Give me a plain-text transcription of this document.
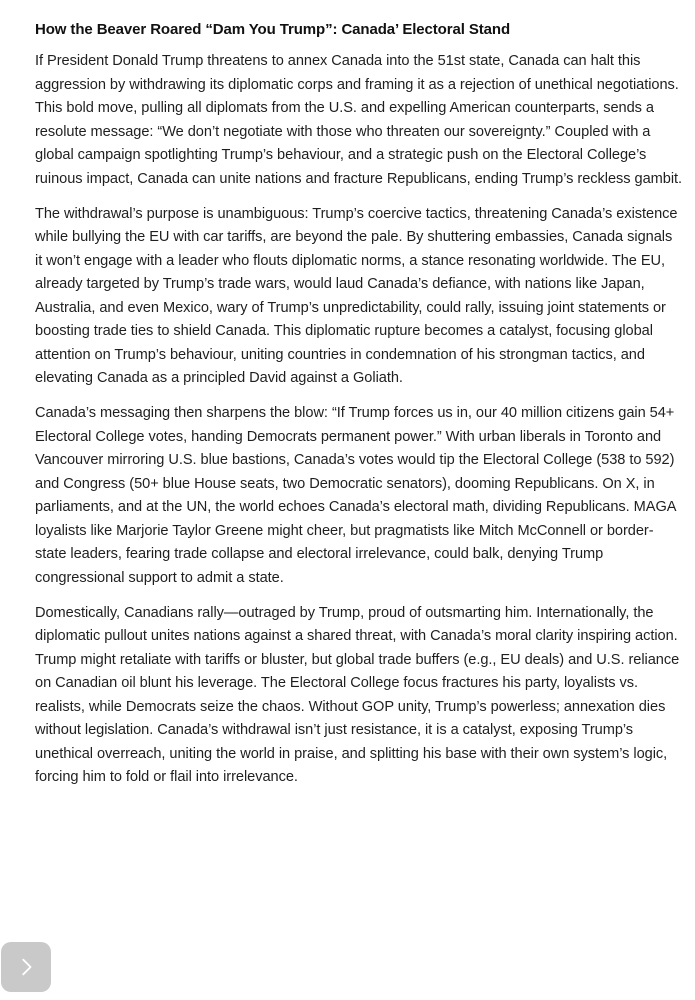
How the Beaver Roared “Dam You Trump”: Canada’ Electoral Stand

If President Donald Trump threatens to annex Canada into the 51st state, Canada can halt this aggression by withdrawing its diplomatic corps and framing it as a rejection of unethical negotiations. This bold move, pulling all diplomats from the U.S. and expelling American counterparts, sends a resolute message: “We don’t negotiate with those who threaten our sovereignty.” Coupled with a global campaign spotlighting Trump’s behaviour, and a strategic push on the Electoral College’s ruinous impact, Canada can unite nations and fracture Republicans, ending Trump’s reckless gambit.

The withdrawal’s purpose is unambiguous: Trump’s coercive tactics, threatening Canada’s existence while bullying the EU with car tariffs, are beyond the pale. By shuttering embassies, Canada signals it won’t engage with a leader who flouts diplomatic norms, a stance resonating worldwide. The EU, already targeted by Trump’s trade wars, would laud Canada’s defiance, with nations like Japan, Australia, and even Mexico, wary of Trump’s unpredictability, could rally, issuing joint statements or boosting trade ties to shield Canada. This diplomatic rupture becomes a catalyst, focusing global attention on Trump’s behaviour, uniting countries in condemnation of his strongman tactics, and elevating Canada as a principled David against a Goliath.

Canada’s messaging then sharpens the blow: “If Trump forces us in, our 40 million citizens gain 54+ Electoral College votes, handing Democrats permanent power.” With urban liberals in Toronto and Vancouver mirroring U.S. blue bastions, Canada’s votes would tip the Electoral College (538 to 592) and Congress (50+ blue House seats, two Democratic senators), dooming Republicans. On X, in parliaments, and at the UN, the world echoes Canada’s electoral math, dividing Republicans. MAGA loyalists like Marjorie Taylor Greene might cheer, but pragmatists like Mitch McConnell or border-state leaders, fearing trade collapse and electoral irrelevance, could balk, denying Trump congressional support to admit a state.

Domestically, Canadians rally—outraged by Trump, proud of outsmarting him. Internationally, the diplomatic pullout unites nations against a shared threat, with Canada’s moral clarity inspiring action. Trump might retaliate with tariffs or bluster, but global trade buffers (e.g., EU deals) and U.S. reliance on Canadian oil blunt his leverage. The Electoral College focus fractures his party, loyalists vs. realists, while Democrats seize the chaos. Without GOP unity, Trump’s powerless; annexation dies without legislation. Canada’s withdrawal isn’t just resistance, it is a catalyst, exposing Trump’s unethical overreach, uniting the world in praise, and splitting his base with their own system’s logic, forcing him to fold or flail into irrelevance.
